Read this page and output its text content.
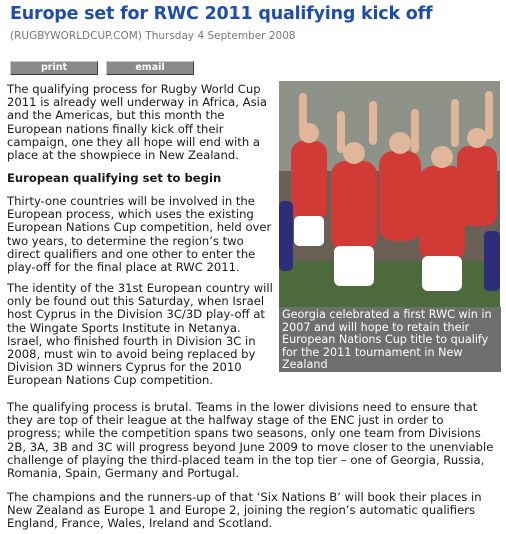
Europe set for RWC 2011 qualifying kick off
(RUGBYWORLDCUP.COM) Thursday 4 September 2008
print	email
The qualifying process for Rugby World Cup 2011 is already well underway in Africa, Asia and the Americas, but this month the European nations finally kick off their campaign, one they all hope will end with a place at the showpiece in New Zealand.
European qualifying set to begin
Thirty-one countries will be involved in the European process, which uses the existing European Nations Cup competition, held over two years, to determine the region’s two direct qualifiers and one other to enter the play-off for the final place at RWC 2011.
The identity of the 31st European country will only be found out this Saturday, when Israel host Cyprus in the Division 3C/3D play-off at the Wingate Sports Institute in Netanya. Israel, who finished fourth in Division 3C in 2008, must win to avoid being replaced by Division 3D winners Cyprus for the 2010 European Nations Cup competition.
Georgia celebrated a first RWC win in 2007 and will hope to retain their European Nations Cup title to qualify for the 2011 tournament in New Zealand
The qualifying process is brutal. Teams in the lower divisions need to ensure that they are top of their league at the halfway stage of the ENC just in order to progress; while the competition spans two seasons, only one team from Divisions 2B, 3A, 3B and 3C will progress beyond June 2009 to move closer to the unenviable challenge of playing the third-placed team in the top tier – one of Georgia, Russia, Romania, Spain, Germany and Portugal.
The champions and the runners-up of that ‘Six Nations B’ will book their places in New Zealand as Europe 1 and Europe 2, joining the region’s automatic qualifiers England, France, Wales, Ireland and Scotland.
